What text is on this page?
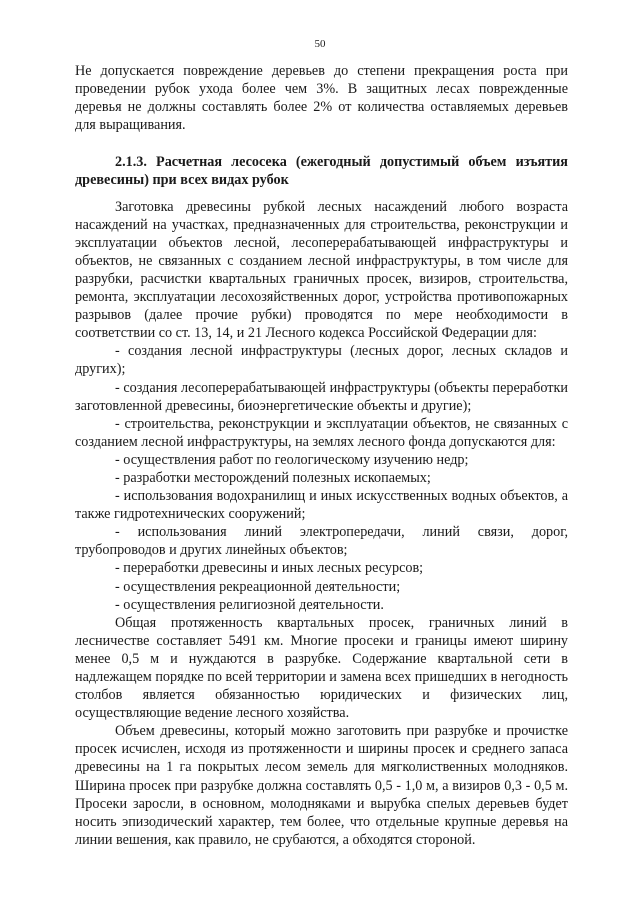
50

Не допускается повреждение деревьев до степени прекращения роста при проведении рубок ухода более чем 3%. В защитных лесах поврежденные деревья не должны составлять более 2% от количества оставляемых деревьев для выращивания.

2.1.3. Расчетная лесосека (ежегодный допустимый объем изъятия древесины) при всех видах рубок

Заготовка древесины рубкой лесных насаждений любого возраста насаждений на участках, предназначенных для строительства, реконструкции и эксплуатации объектов лесной, лесоперерабатывающей инфраструктуры и объектов, не связанных с созданием лесной инфраструктуры, в том числе для разрубки, расчистки квартальных граничных просек, визиров, строительства, ремонта, эксплуатации лесохозяйственных дорог, устройства противопожарных разрывов (далее прочие рубки) проводятся по мере необходимости в соответствии со ст. 13, 14, и 21 Лесного кодекса Российской Федерации для:

- создания лесной инфраструктуры (лесных дорог, лесных складов и других);

- создания лесоперерабатывающей инфраструктуры (объекты переработки заготовленной древесины, биоэнергетические объекты и другие);

- строительства, реконструкции и эксплуатации объектов, не связанных с созданием лесной инфраструктуры, на землях лесного фонда допускаются для:

- осуществления работ по геологическому изучению недр;

- разработки месторождений полезных ископаемых;

- использования водохранилищ и иных искусственных водных объектов, а также гидротехнических сооружений;

- использования линий электропередачи, линий связи, дорог, трубопроводов и других линейных объектов;

- переработки древесины и иных лесных ресурсов;

- осуществления рекреационной деятельности;

- осуществления религиозной деятельности.

Общая протяженность квартальных просек, граничных линий в лесничестве составляет 5491 км. Многие просеки и границы имеют ширину менее 0,5 м и нуждаются в разрубке. Содержание квартальной сети в надлежащем порядке по всей территории и замена всех пришедших в негодность столбов является обязанностью юридических и физических лиц, осуществляющие ведение лесного хозяйства.

Объем древесины, который можно заготовить при разрубке и прочистке просек исчислен, исходя из протяженности и ширины просек и среднего запаса древесины на 1 га покрытых лесом земель для мягколиственных молодняков. Ширина просек при разрубке должна составлять 0,5 - 1,0 м, а визиров 0,3 - 0,5 м. Просеки заросли, в основном, молодняками и вырубка спелых деревьев будет носить эпизодический характер, тем более, что отдельные крупные деревья на линии вешения, как правило, не срубаются, а обходятся стороной.
